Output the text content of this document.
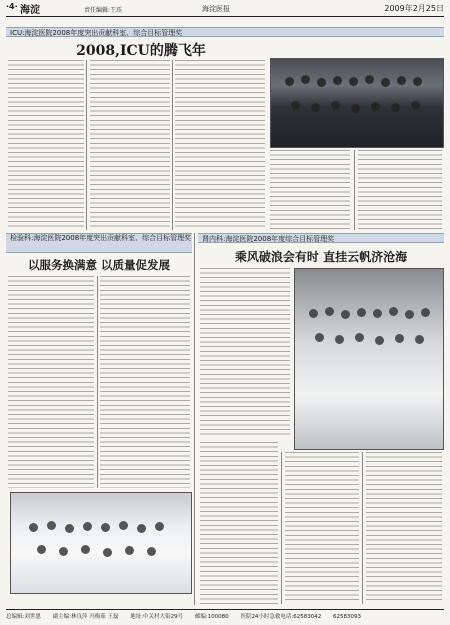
·4· 海淀	责任编辑:王珏	海淀医报	2009年2月25日
ICU:海淀医院2008年度突出贡献科室、综合目标管理奖
2008,ICU的腾飞年
检验科:海淀医院2008年度突出贡献科室、综合目标管理奖
以服务换满意 以质量促发展
肾内科:海淀医院2008年度综合目标管理奖
乘风破浪会有时 直挂云帆济沧海
总编辑:刘世恩 副主编:林良萍 冯梅茹 王磊 地址:中关村大街29号 邮编:100080 医院24小时急救电话:62583042 62583093
